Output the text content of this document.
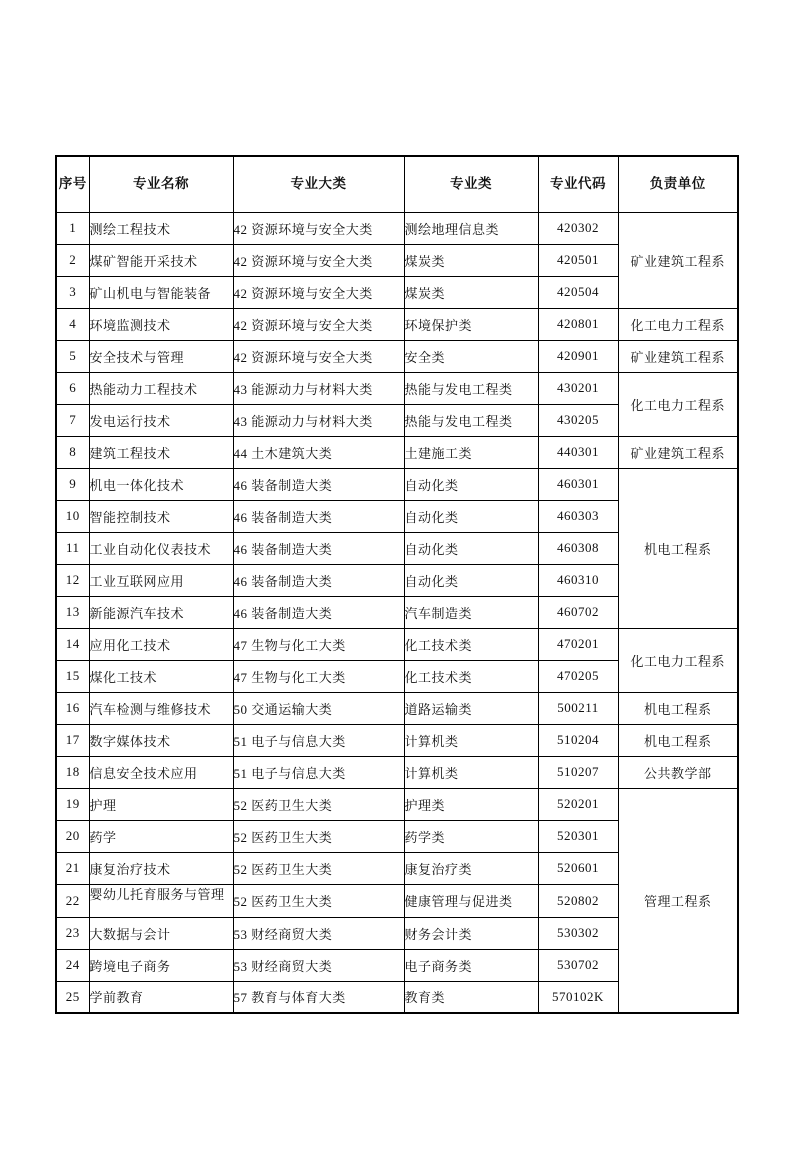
序号	专业名称	专业大类	专业类	专业代码	负责单位
1	测绘工程技术	42 资源环境与安全大类	测绘地理信息类	420302	矿业建筑工程系
2	煤矿智能开采技术	42 资源环境与安全大类	煤炭类	420501	
3	矿山机电与智能装备	42 资源环境与安全大类	煤炭类	420504	
4	环境监测技术	42 资源环境与安全大类	环境保护类	420801	化工电力工程系
5	安全技术与管理	42 资源环境与安全大类	安全类	420901	矿业建筑工程系
6	热能动力工程技术	43 能源动力与材料大类	热能与发电工程类	430201	化工电力工程系
7	发电运行技术	43 能源动力与材料大类	热能与发电工程类	430205	
8	建筑工程技术	44 土木建筑大类	土建施工类	440301	矿业建筑工程系
9	机电一体化技术	46 装备制造大类	自动化类	460301	机电工程系
10	智能控制技术	46 装备制造大类	自动化类	460303	
11	工业自动化仪表技术	46 装备制造大类	自动化类	460308	
12	工业互联网应用	46 装备制造大类	自动化类	460310	
13	新能源汽车技术	46 装备制造大类	汽车制造类	460702	
14	应用化工技术	47 生物与化工大类	化工技术类	470201	化工电力工程系
15	煤化工技术	47 生物与化工大类	化工技术类	470205	
16	汽车检测与维修技术	50 交通运输大类	道路运输类	500211	机电工程系
17	数字媒体技术	51 电子与信息大类	计算机类	510204	机电工程系
18	信息安全技术应用	51 电子与信息大类	计算机类	510207	公共教学部
19	护理	52 医药卫生大类	护理类	520201	管理工程系
20	药学	52 医药卫生大类	药学类	520301	
21	康复治疗技术	52 医药卫生大类	康复治疗类	520601	
22	婴幼儿托育服务与管理	52 医药卫生大类	健康管理与促进类	520802	
23	大数据与会计	53 财经商贸大类	财务会计类	530302	
24	跨境电子商务	53 财经商贸大类	电子商务类	530702	
25	学前教育	57 教育与体育大类	教育类	570102K	
